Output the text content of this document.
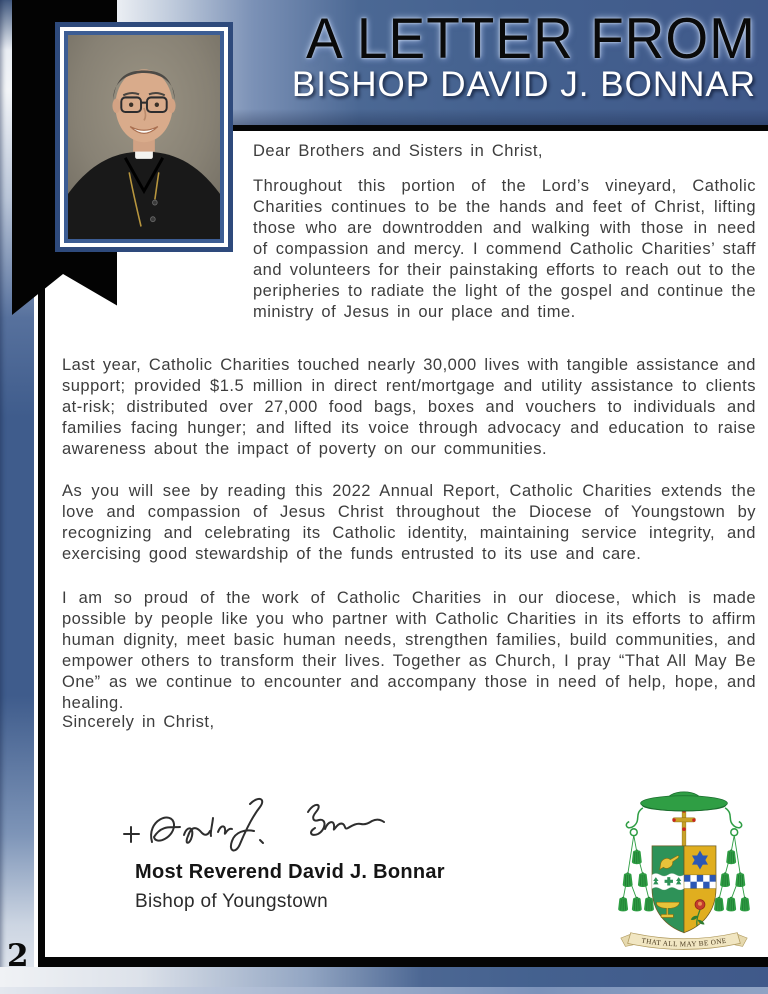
A LETTER FROM
BISHOP DAVID J. BONNAR
Dear Brothers and Sisters in Christ,
Throughout this portion of the Lord’s vineyard, Catholic Charities continues to be the hands and feet of Christ, lifting those who are downtrodden and walking with those in need of compassion and mercy. I commend Catholic Charities’ staff and volunteers for their painstaking efforts to reach out to the peripheries to radiate the light of the gospel and continue the ministry of Jesus in our place and time.
Last year, Catholic Charities touched nearly 30,000 lives with tangible assistance and support; provided $1.5 million in direct rent/mortgage and utility assistance to clients at-risk; distributed over 27,000 food bags, boxes and vouchers to individuals and families facing hunger; and lifted its voice through advocacy and education to raise awareness about the impact of poverty on our communities.
As you will see by reading this 2022 Annual Report, Catholic Charities extends the love and compassion of Jesus Christ throughout the Diocese of Youngstown by recognizing and celebrating its Catholic identity, maintaining service integrity, and exercising good stewardship of the funds entrusted to its use and care.
I am so proud of the work of Catholic Charities in our diocese, which is made possible by people like you who partner with Catholic Charities in its efforts to affirm human dignity, meet basic human needs, strengthen families, build communities, and empower others to transform their lives. Together as Church, I pray “That All May Be One” as we continue to encounter and accompany those in need of help, hope, and healing.
Sincerely in Christ,
Most Reverend David J. Bonnar
Bishop of Youngstown
THAT ALL MAY BE ONE
2
